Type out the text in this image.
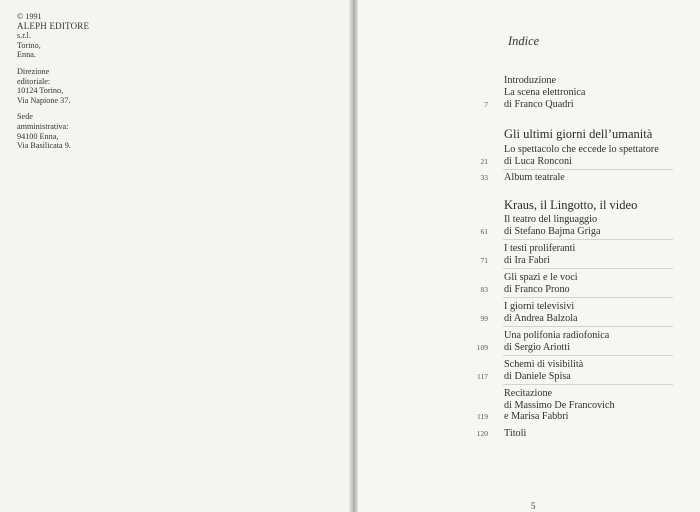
© 1991
ALEPH EDITORE
s.r.l.
Torino,
Enna.
Direzione
editoriale:
10124 Torino,
Via Napione 37.
Sede
amministrativa:
94100 Enna,
Via Basilicata 9.
Indice
Introduzione
7
La scena elettronica
di Franco Quadri
Gli ultimi giorni dell’umanità
21
Lo spettacolo che eccede lo spettatore
di Luca Ronconi
33 Album teatrale
Kraus, il Lingotto, il video
61
Il teatro del linguaggio
di Stefano Bajma Griga
71
I testi proliferanti
di Ira Fabri
83
Gli spazi e le voci
di Franco Prono
99
I giorni televisivi
di Andrea Balzola
109
Una polifonia radiofonica
di Sergio Ariotti
117
Schemi di visibilità
di Daniele Spisa
119
Recitazione
di Massimo De Francovich
e Marisa Fabbri
120 Titoli
5
